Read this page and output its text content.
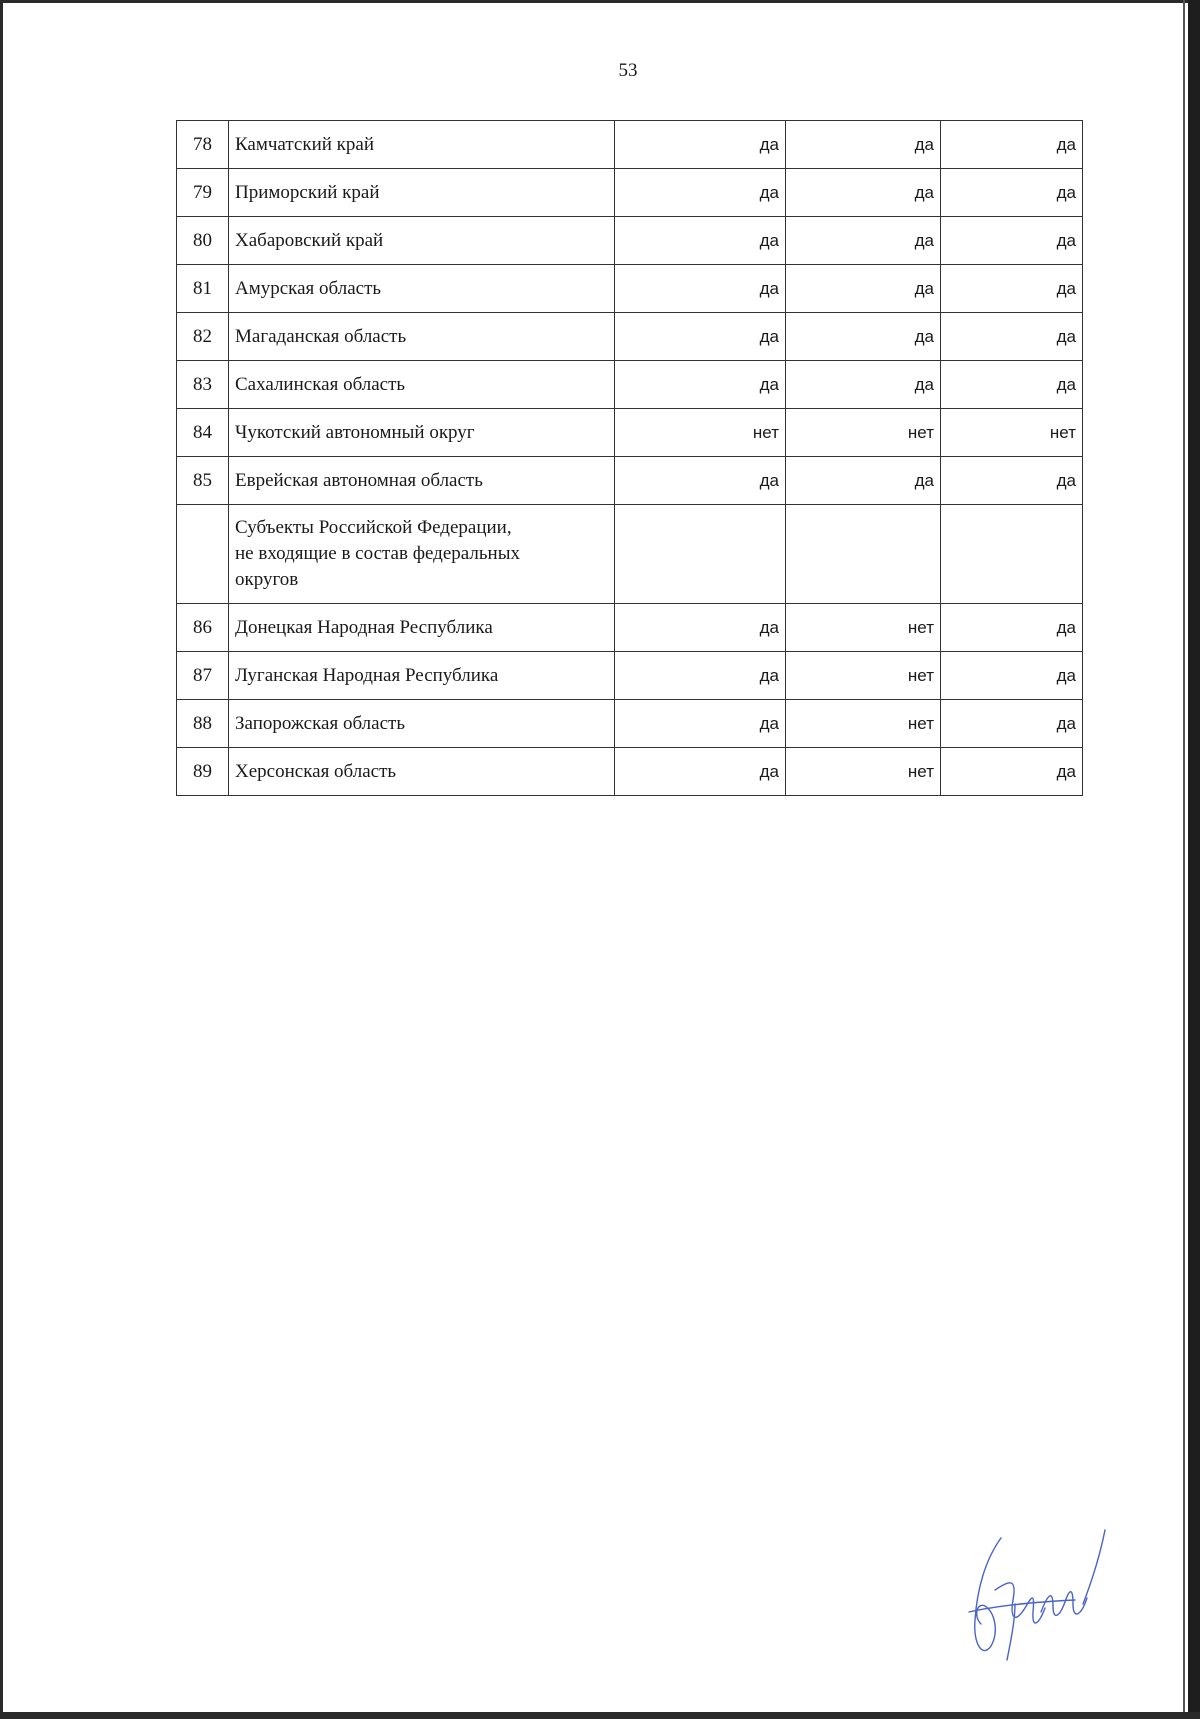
53
78	Камчатский край	да	да	да
79	Приморский край	да	да	да
80	Хабаровский край	да	да	да
81	Амурская область	да	да	да
82	Магаданская область	да	да	да
83	Сахалинская область	да	да	да
84	Чукотский автономный округ	нет	нет	нет
85	Еврейская автономная область	да	да	да
	Субъекты Российской Федерации,
не входящие в состав федеральных
округов			
86	Донецкая Народная Республика	да	нет	да
87	Луганская Народная Республика	да	нет	да
88	Запорожская область	да	нет	да
89	Херсонская область	да	нет	да
